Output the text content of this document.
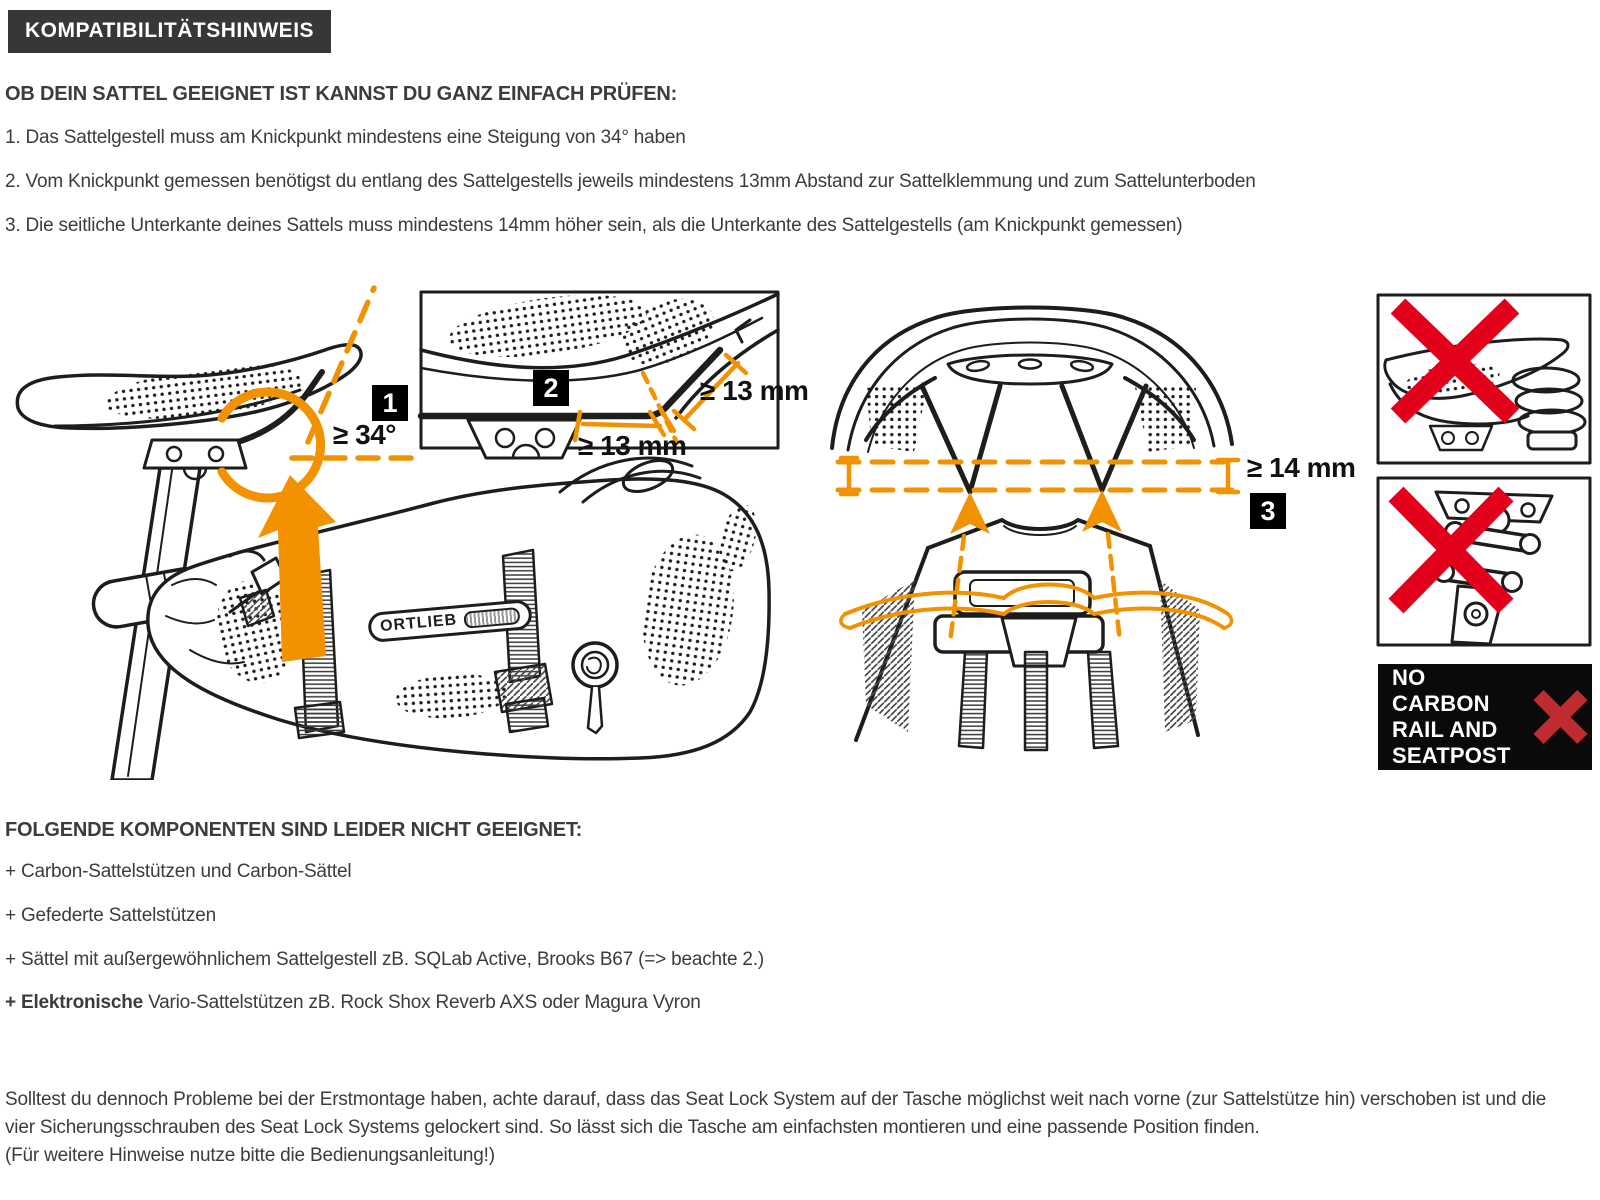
KOMPATIBILITÄTSHINWEIS
OB DEIN SATTEL GEEIGNET IST KANNST DU GANZ EINFACH PRÜFEN:
1. Das Sattelgestell muss am Knickpunkt mindestens eine Steigung von 34° haben
2. Vom Knickpunkt gemessen benötigst du entlang des Sattelgestells jeweils mindestens 13mm Abstand zur Sattelklemmung und zum Sattelunterboden
3. Die seitliche Unterkante deines Sattels muss mindestens 14mm höher sein, als die Unterkante des Sattelgestells (am Knickpunkt gemessen)
1
≥ 34°
2	≥ 13 mm
≥ 13 mm
≥ 14 mm
3
ORTLIEB
NO CARBON
RAIL AND
SEATPOST
FOLGENDE KOMPONENTEN SIND LEIDER NICHT GEEIGNET:
+ Carbon-Sattelstützen und Carbon-Sättel
+ Gefederte Sattelstützen
+ Sättel mit außergewöhnlichem Sattelgestell zB. SQLab Active, Brooks B67 (=> beachte 2.)
+ Elektronische Vario-Sattelstützen zB. Rock Shox Reverb AXS oder Magura Vyron
Solltest du dennoch Probleme bei der Erstmontage haben, achte darauf, dass das Seat Lock System auf der Tasche möglichst weit nach vorne (zur Sattelstütze hin) verschoben ist und die vier Sicherungsschrauben des Seat Lock Systems gelockert sind. So lässt sich die Tasche am einfachsten montieren und eine passende Position finden.
(Für weitere Hinweise nutze bitte die Bedienungsanleitung!)
